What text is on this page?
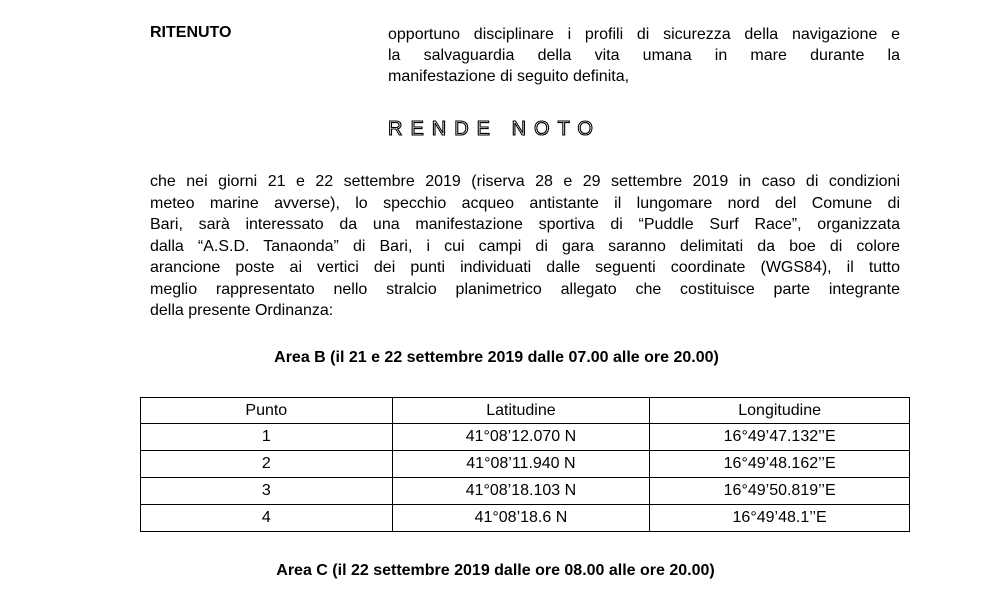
RITENUTO	opportuno disciplinare i profili di sicurezza della navigazione e
la salvaguardia della vita umana in mare durante la
manifestazione di seguito definita,
RENDE NOTO
che nei giorni 21 e 22 settembre 2019 (riserva 28 e 29 settembre 2019 in caso di condizioni
meteo marine avverse), lo specchio acqueo antistante il lungomare nord del Comune di
Bari, sarà interessato da una manifestazione sportiva di “Puddle Surf Race”, organizzata
dalla “A.S.D. Tanaonda” di Bari, i cui campi di gara saranno delimitati da boe di colore
arancione poste ai vertici dei punti individuati dalle seguenti coordinate (WGS84), il tutto
meglio rappresentato nello stralcio planimetrico allegato che costituisce parte integrante
della presente Ordinanza:
Area B (il 21 e 22 settembre 2019 dalle 07.00 alle ore 20.00)
Punto	Latitudine	Longitudine
1	41°08’12.070 N	16°49’47.132’’E
2	41°08’11.940 N	16°49’48.162’’E
3	41°08’18.103 N	16°49’50.819’’E
4	41°08’18.6 N	16°49’48.1’’E
Area C (il 22 settembre 2019 dalle ore 08.00 alle ore 20.00)
